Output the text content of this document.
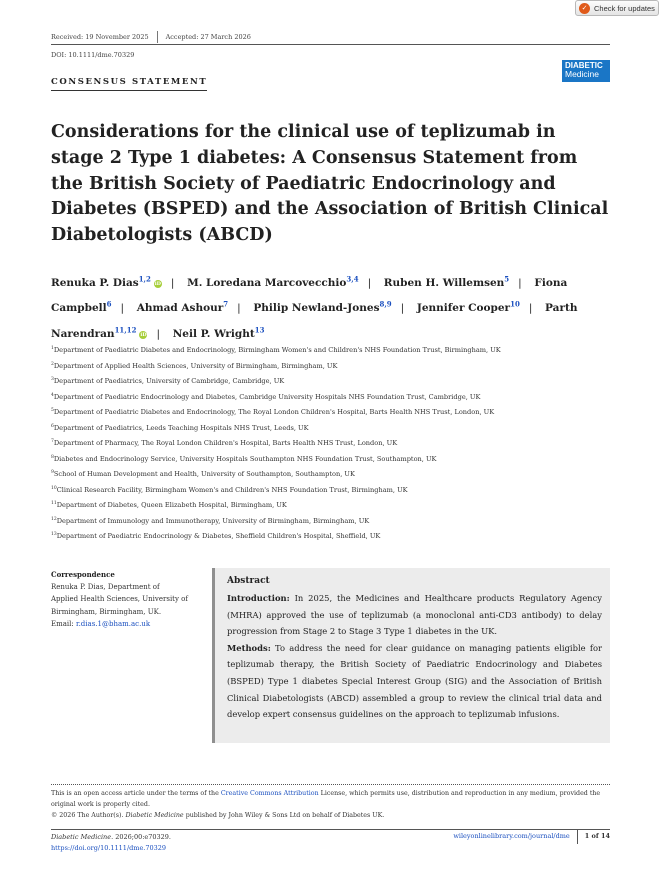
✓ Check for updates
Received: 19 November 2025	Accepted: 27 March 2026
DOI: 10.1111/dme.70329
DIABETIC
Medicine
CONSENSUS STATEMENT
Considerations for the clinical use of teplizumab in stage 2 Type 1 diabetes: A Consensus Statement from the British Society of Paediatric Endocrinology and Diabetes (BSPED) and the Association of British Clinical Diabetologists (ABCD)
Renuka P. Dias$^{1,2}$iD | M. Loredana Marcovecchio$^{3,4}$ | Ruben H. Willemsen$^5$ | Fiona Campbell$^6$ | Ahmad Ashour$^7$ | Philip Newland-Jones$^{8,9}$ | Jennifer Cooper$^{10}$ | Parth Narendran$^{11,12}$iD | Neil P. Wright$^{13}$
$^1$Department of Paediatric Diabetes and Endocrinology, Birmingham Women's and Children's NHS Foundation Trust, Birmingham, UK
$^2$Department of Applied Health Sciences, University of Birmingham, Birmingham, UK
$^3$Department of Paediatrics, University of Cambridge, Cambridge, UK
$^4$Department of Paediatric Endocrinology and Diabetes, Cambridge University Hospitals NHS Foundation Trust, Cambridge, UK
$^5$Department of Paediatric Diabetes and Endocrinology, The Royal London Children's Hospital, Barts Health NHS Trust, London, UK
$^6$Department of Paediatrics, Leeds Teaching Hospitals NHS Trust, Leeds, UK
$^7$Department of Pharmacy, The Royal London Children's Hospital, Barts Health NHS Trust, London, UK
$^8$Diabetes and Endocrinology Service, University Hospitals Southampton NHS Foundation Trust, Southampton, UK
$^9$School of Human Development and Health, University of Southampton, Southampton, UK
$^{10}$Clinical Research Facility, Birmingham Women's and Children's NHS Foundation Trust, Birmingham, UK
$^{11}$Department of Diabetes, Queen Elizabeth Hospital, Birmingham, UK
$^{12}$Department of Immunology and Immunotherapy, University of Birmingham, Birmingham, UK
$^{13}$Department of Paediatric Endocrinology & Diabetes, Sheffield Children's Hospital, Sheffield, UK
Correspondence
Renuka P. Dias, Department of
Applied Health Sciences, University of
Birmingham, Birmingham, UK.
Email: r.dias.1@bham.ac.uk
Abstract

Introduction: In 2025, the Medicines and Healthcare products Regulatory Agency (MHRA) approved the use of teplizumab (a monoclonal anti-CD3 antibody) to delay progression from Stage 2 to Stage 3 Type 1 diabetes in the UK.

Methods: To address the need for clear guidance on managing patients eligible for teplizumab therapy, the British Society of Paediatric Endocrinology and Diabetes (BSPED) Type 1 diabetes Special Interest Group (SIG) and the Association of British Clinical Diabetologists (ABCD) assembled a group to review the clinical trial data and develop expert consensus guidelines on the approach to teplizumab infusions.

This is an open access article under the terms of the Creative Commons Attribution License, which permits use, distribution and reproduction in any medium, provided the original work is properly cited.
© 2026 The Author(s). Diabetic Medicine published by John Wiley & Sons Ltd on behalf of Diabetes UK.
Diabetic Medicine. 2026;00:e70329.
https://doi.org/10.1111/dme.70329
wileyonlinelibrary.com/journal/dme 1 of 14
